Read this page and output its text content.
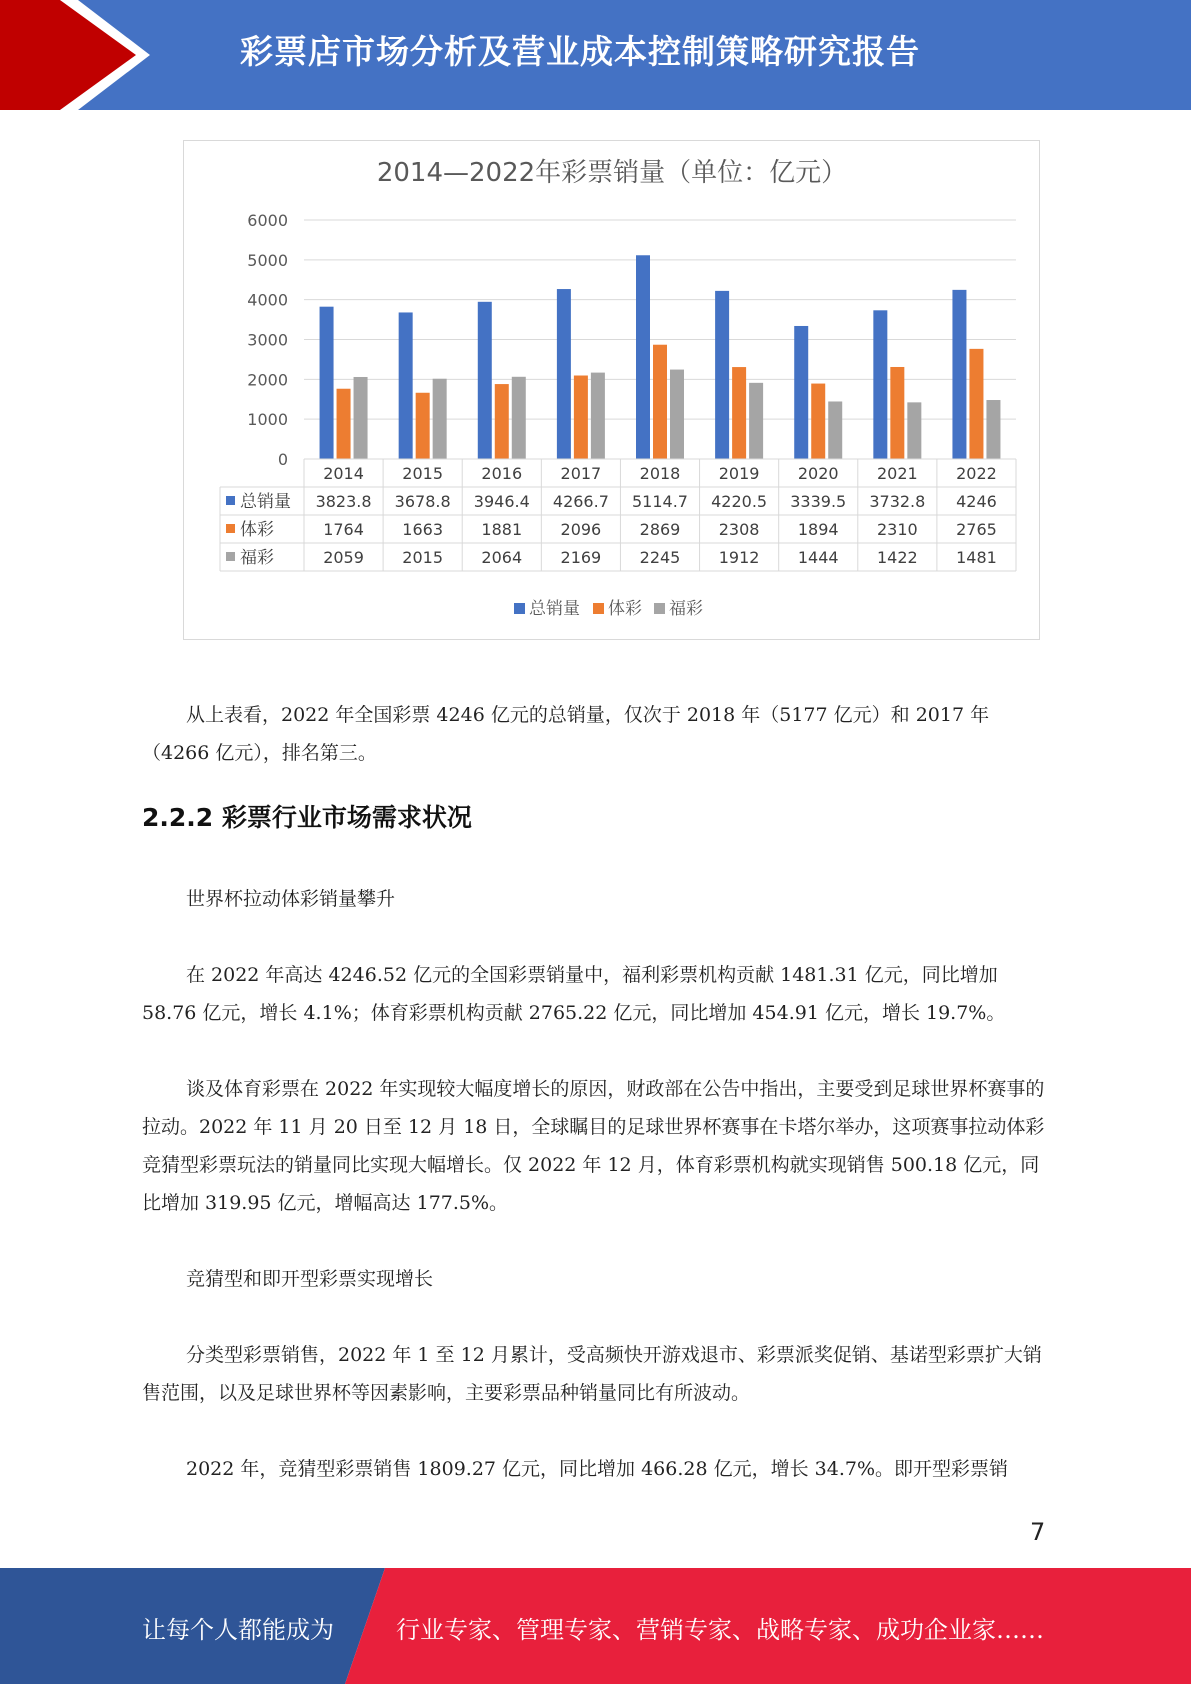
彩票店市场分析及营业成本控制策略研究报告
2014—2022年彩票销量（单位：亿元）
0
1000
2000
3000
4000
5000
6000
2014 2015 2016 2017 2018 2019 2020 2021 2022
总销量 3823.8 3678.8 3946.4 4266.7 5114.7 4220.5 3339.5 3732.8 4246
体彩	1764 1663 1881 2096 2869 2308 1894 2310 2765
福彩	2059 2015 2064 2169 2245 1912 1444 1422 1481
总销量 体彩 福彩

从上表看，2022 年全国彩票 4246 亿元的总销量，仅次于 2018 年（5177 亿元）和 2017 年（4266 亿元），排名第三。

2.2.2 彩票行业市场需求状况

世界杯拉动体彩销量攀升

在 2022 年高达 4246.52 亿元的全国彩票销量中，福利彩票机构贡献 1481.31 亿元，同比增加 58.76 亿元，增长 4.1%；体育彩票机构贡献 2765.22 亿元，同比增加 454.91 亿元，增长 19.7%。

谈及体育彩票在 2022 年实现较大幅度增长的原因，财政部在公告中指出，主要受到足球世界杯赛事的拉动。2022 年 11 月 20 日至 12 月 18 日，全球瞩目的足球世界杯赛事在卡塔尔举办，这项赛事拉动体彩竞猜型彩票玩法的销量同比实现大幅增长。仅 2022 年 12 月，体育彩票机构就实现销售 500.18 亿元，同比增加 319.95 亿元，增幅高达 177.5%。

竞猜型和即开型彩票实现增长

分类型彩票销售，2022 年 1 至 12 月累计，受高频快开游戏退市、彩票派奖促销、基诺型彩票扩大销售范围，以及足球世界杯等因素影响，主要彩票品种销量同比有所波动。

2022 年，竞猜型彩票销售 1809.27 亿元，同比增加 466.28 亿元，增长 34.7%。即开型彩票销

7
让每个人都能成为	行业专家、管理专家、营销专家、战略专家、成功企业家……
